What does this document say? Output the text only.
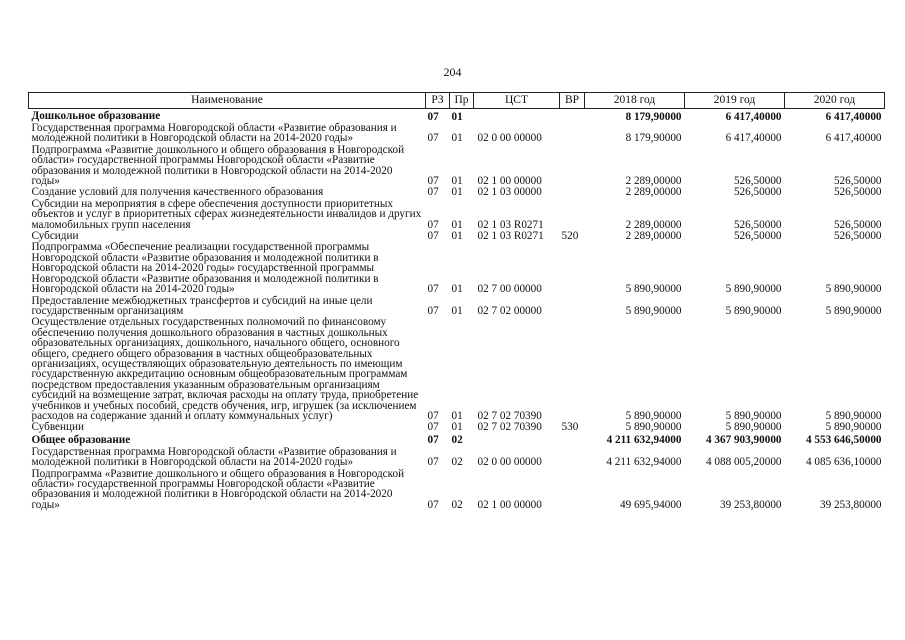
204
Наименование	РЗ	Пр	ЦСТ	ВР	2018 год	2019 год	2020 год
Дошкольное образование	07	01			8 179,90000	6 417,40000	6 417,40000
Государственная программа Новгородской области «Развитие образования и молодежной политики в Новгородской области на 2014-2020 годы»	07	01	02 0 00 00000		8 179,90000	6 417,40000	6 417,40000
Подпрограмма «Развитие дошкольного и общего образования в Новгородской области» государственной программы Новгородской области «Развитие образования и молодежной политики в Новгородской области на 2014-2020 годы»	07	01	02 1 00 00000		2 289,00000	526,50000	526,50000
Создание условий для получения качественного образования	07	01	02 1 03 00000		2 289,00000	526,50000	526,50000
Субсидии на мероприятия в сфере обеспечения доступности приоритетных объектов и услуг в приоритетных сферах жизнедеятельности инвалидов и других маломобильных групп населения	07	01	02 1 03 R0271		2 289,00000	526,50000	526,50000
Субсидии	07	01	02 1 03 R0271	520	2 289,00000	526,50000	526,50000
Подпрограмма «Обеспечение реализации государственной программы Новгородской области «Развитие образования и молодежной политики в Новгородской области на 2014-2020 годы» государственной программы Новгородской области «Развитие образования и молодежной политики в Новгородской области на 2014-2020 годы»	07	01	02 7 00 00000		5 890,90000	5 890,90000	5 890,90000
Предоставление межбюджетных трансфертов и субсидий на иные цели государственным организациям	07	01	02 7 02 00000		5 890,90000	5 890,90000	5 890,90000
Осуществление отдельных государственных полномочий по финансовому обеспечению получения дошкольного образования в частных дошкольных образовательных организациях, дошкольного, начального общего, основного общего, среднего общего образования в частных общеобразовательных организациях, осуществляющих образовательную деятельность по имеющим государственную аккредитацию основным общеобразовательным программам посредством предоставления указанным образовательным организациям субсидий на возмещение затрат, включая расходы на оплату труда, приобретение учебников и учебных пособий, средств обучения, игр, игрушек (за исключением расходов на содержание зданий и оплату коммунальных услуг)	07	01	02 7 02 70390		5 890,90000	5 890,90000	5 890,90000
Субвенции	07	01	02 7 02 70390	530	5 890,90000	5 890,90000	5 890,90000
Общее образование	07	02			4 211 632,94000	4 367 903,90000	4 553 646,50000
Государственная программа Новгородской области «Развитие образования и молодежной политики в Новгородской области на 2014-2020 годы»	07	02	02 0 00 00000		4 211 632,94000	4 088 005,20000	4 085 636,10000
Подпрограмма «Развитие дошкольного и общего образования в Новгородской области» государственной программы Новгородской области «Развитие образования и молодежной политики в Новгородской области на 2014-2020 годы»	07	02	02 1 00 00000		49 695,94000	39 253,80000	39 253,80000
